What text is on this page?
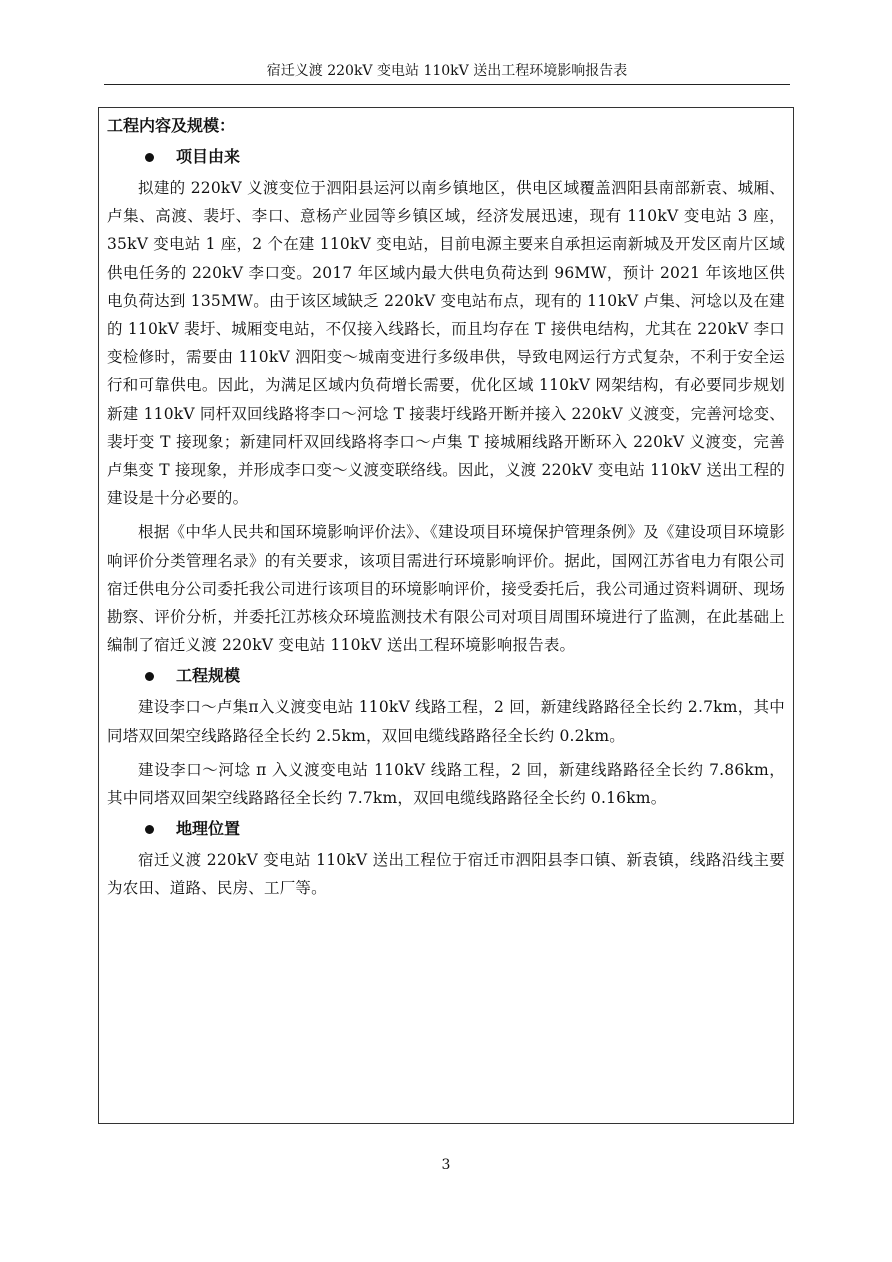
宿迁义渡 220kV 变电站 110kV 送出工程环境影响报告表
工程内容及规模：
项目由来

拟建的 220kV 义渡变位于泗阳县运河以南乡镇地区，供电区域覆盖泗阳县南部新袁、城厢、卢集、高渡、裴圩、李口、意杨产业园等乡镇区域，经济发展迅速，现有 110kV 变电站 3 座，35kV 变电站 1 座，2 个在建 110kV 变电站，目前电源主要来自承担运南新城及开发区南片区域供电任务的 220kV 李口变。2017 年区域内最大供电负荷达到 96MW，预计 2021 年该地区供电负荷达到 135MW。由于该区域缺乏 220kV 变电站布点，现有的 110kV 卢集、河埝以及在建的 110kV 裴圩、城厢变电站，不仅接入线路长，而且均存在 T 接供电结构，尤其在 220kV 李口变检修时，需要由 110kV 泗阳变～城南变进行多级串供，导致电网运行方式复杂，不利于安全运行和可靠供电。因此，为满足区域内负荷增长需要，优化区域 110kV 网架结构，有必要同步规划新建 110kV 同杆双回线路将李口～河埝 T 接裴圩线路开断并接入 220kV 义渡变，完善河埝变、裴圩变 T 接现象；新建同杆双回线路将李口～卢集 T 接城厢线路开断环入 220kV 义渡变，完善卢集变 T 接现象，并形成李口变～义渡变联络线。因此，义渡 220kV 变电站 110kV 送出工程的建设是十分必要的。

根据《中华人民共和国环境影响评价法》、《建设项目环境保护管理条例》及《建设项目环境影响评价分类管理名录》的有关要求，该项目需进行环境影响评价。据此，国网江苏省电力有限公司宿迁供电分公司委托我公司进行该项目的环境影响评价，接受委托后，我公司通过资料调研、现场勘察、评价分析，并委托江苏核众环境监测技术有限公司对项目周围环境进行了监测，在此基础上编制了宿迁义渡 220kV 变电站 110kV 送出工程环境影响报告表。

工程规模

建设李口～卢集π入义渡变电站 110kV 线路工程，2 回，新建线路路径全长约 2.7km，其中同塔双回架空线路路径全长约 2.5km，双回电缆线路路径全长约 0.2km。

建设李口～河埝 π 入义渡变电站 110kV 线路工程，2 回，新建线路路径全长约 7.86km，其中同塔双回架空线路路径全长约 7.7km，双回电缆线路路径全长约 0.16km。

地理位置

宿迁义渡 220kV 变电站 110kV 送出工程位于宿迁市泗阳县李口镇、新袁镇，线路沿线主要为农田、道路、民房、工厂等。

3
